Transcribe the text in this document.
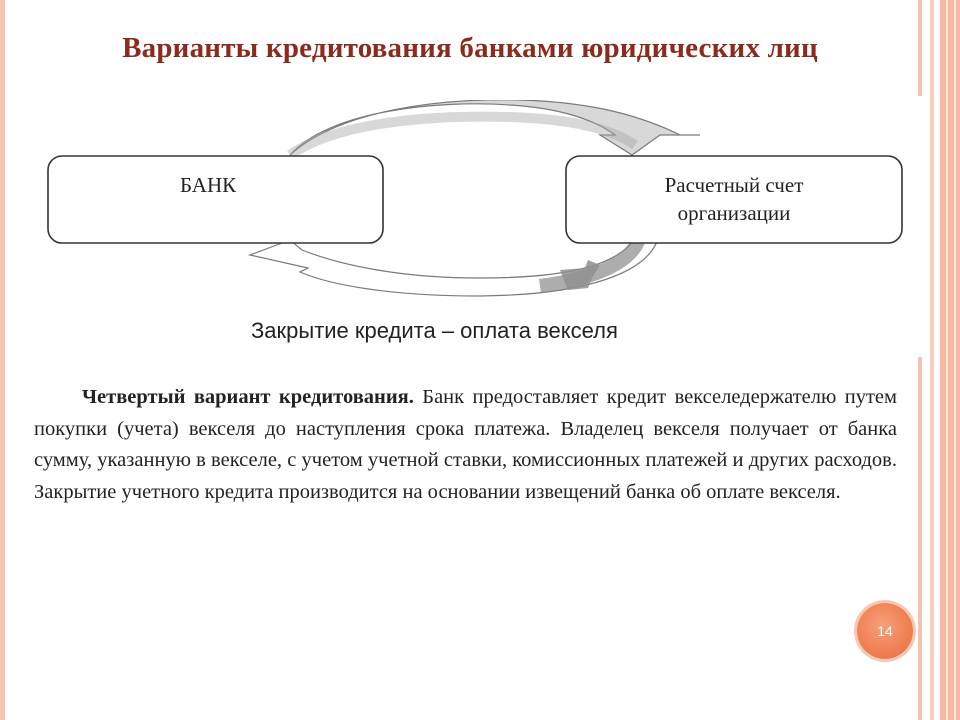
Варианты кредитования банками юридических лиц
БАНК	Расчетный счет
организации
Закрытие кредита – оплата векселя

Четвертый вариант кредитования. Банк предоставляет кредит векселедержателю путем покупки (учета) векселя до наступления срока платежа. Владелец векселя получает от банка сумму, указанную в векселе, с учетом учетной ставки, комиссионных платежей и других расходов. Закрытие учетного кредита производится на основании извещений банка об оплате векселя.

14
